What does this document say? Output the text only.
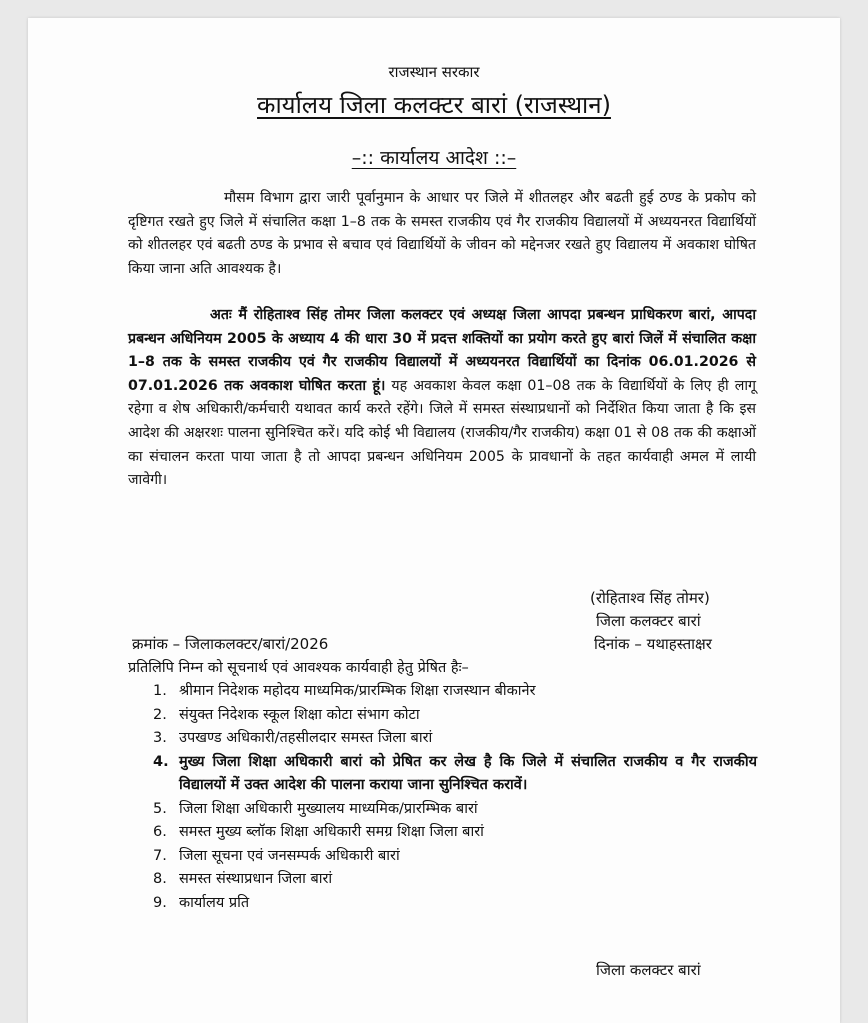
राजस्थान सरकार
कार्यालय जिला कलक्टर बारां (राजस्थान)
–:: कार्यालय आदेश ::–
मौसम विभाग द्वारा जारी पूर्वानुमान के आधार पर जिले में शीतलहर और बढती हुई ठण्ड के प्रकोप को दृष्टिगत रखते हुए जिले में संचालित कक्षा 1–8 तक के समस्त राजकीय एवं गैर राजकीय विद्यालयों में अध्ययनरत विद्यार्थियों को शीतलहर एवं बढती ठण्ड के प्रभाव से बचाव एवं विद्यार्थियों के जीवन को मद्देनजर रखते हुए विद्यालय में अवकाश घोषित किया जाना अति आवश्यक है।
अतः मैं रोहिताश्व सिंह तोमर जिला कलक्टर एवं अध्यक्ष जिला आपदा प्रबन्धन प्राधिकरण बारां, आपदा प्रबन्धन अधिनियम 2005 के अध्याय 4 की धारा 30 में प्रदत्त शक्तियों का प्रयोग करते हुए बारां जिलें में संचालित कक्षा 1–8 तक के समस्त राजकीय एवं गैर राजकीय विद्यालयों में अध्ययनरत विद्यार्थियों का दिनांक 06.01.2026 से 07.01.2026 तक अवकाश घोषित करता हूं। यह अवकाश केवल कक्षा 01–08 तक के विद्यार्थियों के लिए ही लागू रहेगा व शेष अधिकारी/कर्मचारी यथावत कार्य करते रहेंगे। जिले में समस्त संस्थाप्रधानों को निर्देशित किया जाता है कि इस आदेश की अक्षरशः पालना सुनिश्चित करें। यदि कोई भी विद्यालय (राजकीय/गैर राजकीय) कक्षा 01 से 08 तक की कक्षाओं का संचालन करता पाया जाता है तो आपदा प्रबन्धन अधिनियम 2005 के प्रावधानों के तहत कार्यवाही अमल में लायी जावेगी।
(रोहिताश्व सिंह तोमर)
जिला कलक्टर बारां
क्रमांक – जिलाकलक्टर/बारां/2026	दिनांक – यथाहस्ताक्षर
प्रतिलिपि निम्न को सूचनार्थ एवं आवश्यक कार्यवाही हेतु प्रेषित हैः–
1. श्रीमान निदेशक महोदय माध्यमिक/प्रारम्भिक शिक्षा राजस्थान बीकानेर
2. संयुक्त निदेशक स्कूल शिक्षा कोटा संभाग कोटा
3. उपखण्ड अधिकारी/तहसीलदार समस्त जिला बारां
4. मुख्य जिला शिक्षा अधिकारी बारां को प्रेषित कर लेख है कि जिले में संचालित राजकीय व गैर राजकीय विद्यालयों में उक्त आदेश की पालना कराया जाना सुनिश्चित करावें।
5. जिला शिक्षा अधिकारी मुख्यालय माध्यमिक/प्रारम्भिक बारां
6. समस्त मुख्य ब्लॉक शिक्षा अधिकारी समग्र शिक्षा जिला बारां
7. जिला सूचना एवं जनसम्पर्क अधिकारी बारां
8. समस्त संस्थाप्रधान जिला बारां
9. कार्यालय प्रति
जिला कलक्टर बारां
